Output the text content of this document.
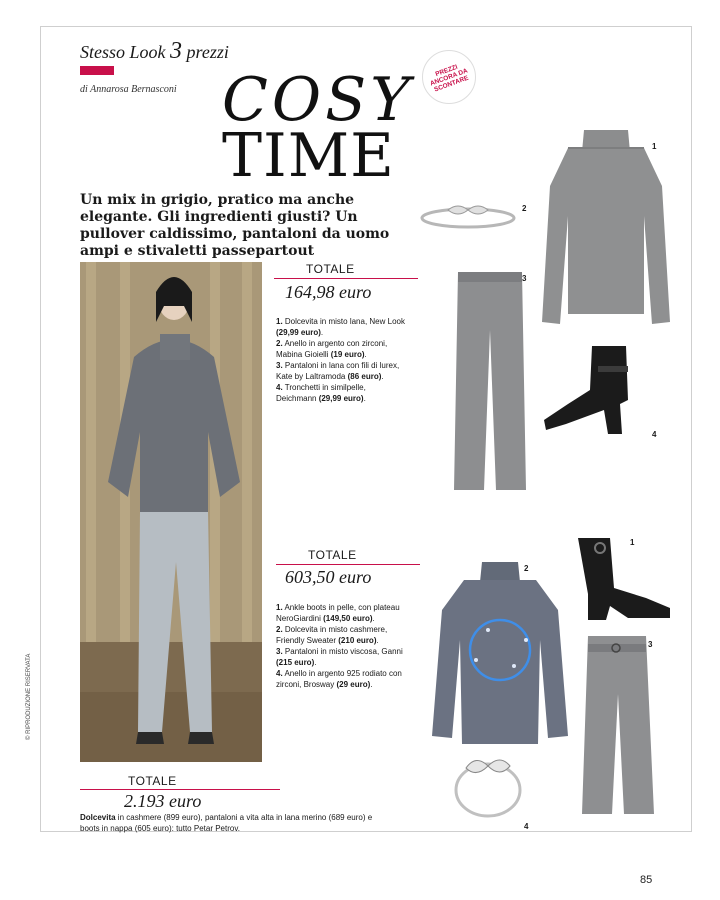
Stesso Look 3 prezzi
di Annarosa Bernasconi COSY
TIME
PREZZI ANCORA DA SCONTARE
Un mix in grigio, pratico ma anche elegante. Gli ingredienti giusti? Un pullover caldissimo, pantaloni da uomo ampi e stivaletti passepartout
TOTALE
164,98 euro

1. Dolcevita in misto lana, New Look (29,99 euro).

2. Anello in argento con zirconi, Mabina Gioielli (19 euro).

3. Pantaloni in lana con fili di lurex, Kate by Laltramoda (86 euro).

4. Tronchetti in similpelle, Deichmann (29,99 euro).

TOTALE
603,50 euro

1. Ankle boots in pelle, con plateau NeroGiardini (149,50 euro).

2. Dolcevita in misto cashmere, Friendly Sweater (210 euro).

3. Pantaloni in misto viscosa, Ganni (215 euro).

4. Anello in argento 925 rodiato con zirconi, Brosway (29 euro).

TOTALE
2.193 euro
Dolcevita in cashmere (899 euro), pantaloni a vita alta in lana merino (689 euro) e boots in nappa (605 euro): tutto Petar Petrov.
1
2
3
4
1
2
3
4
© RIPRODUZIONE RISERVATA
85
